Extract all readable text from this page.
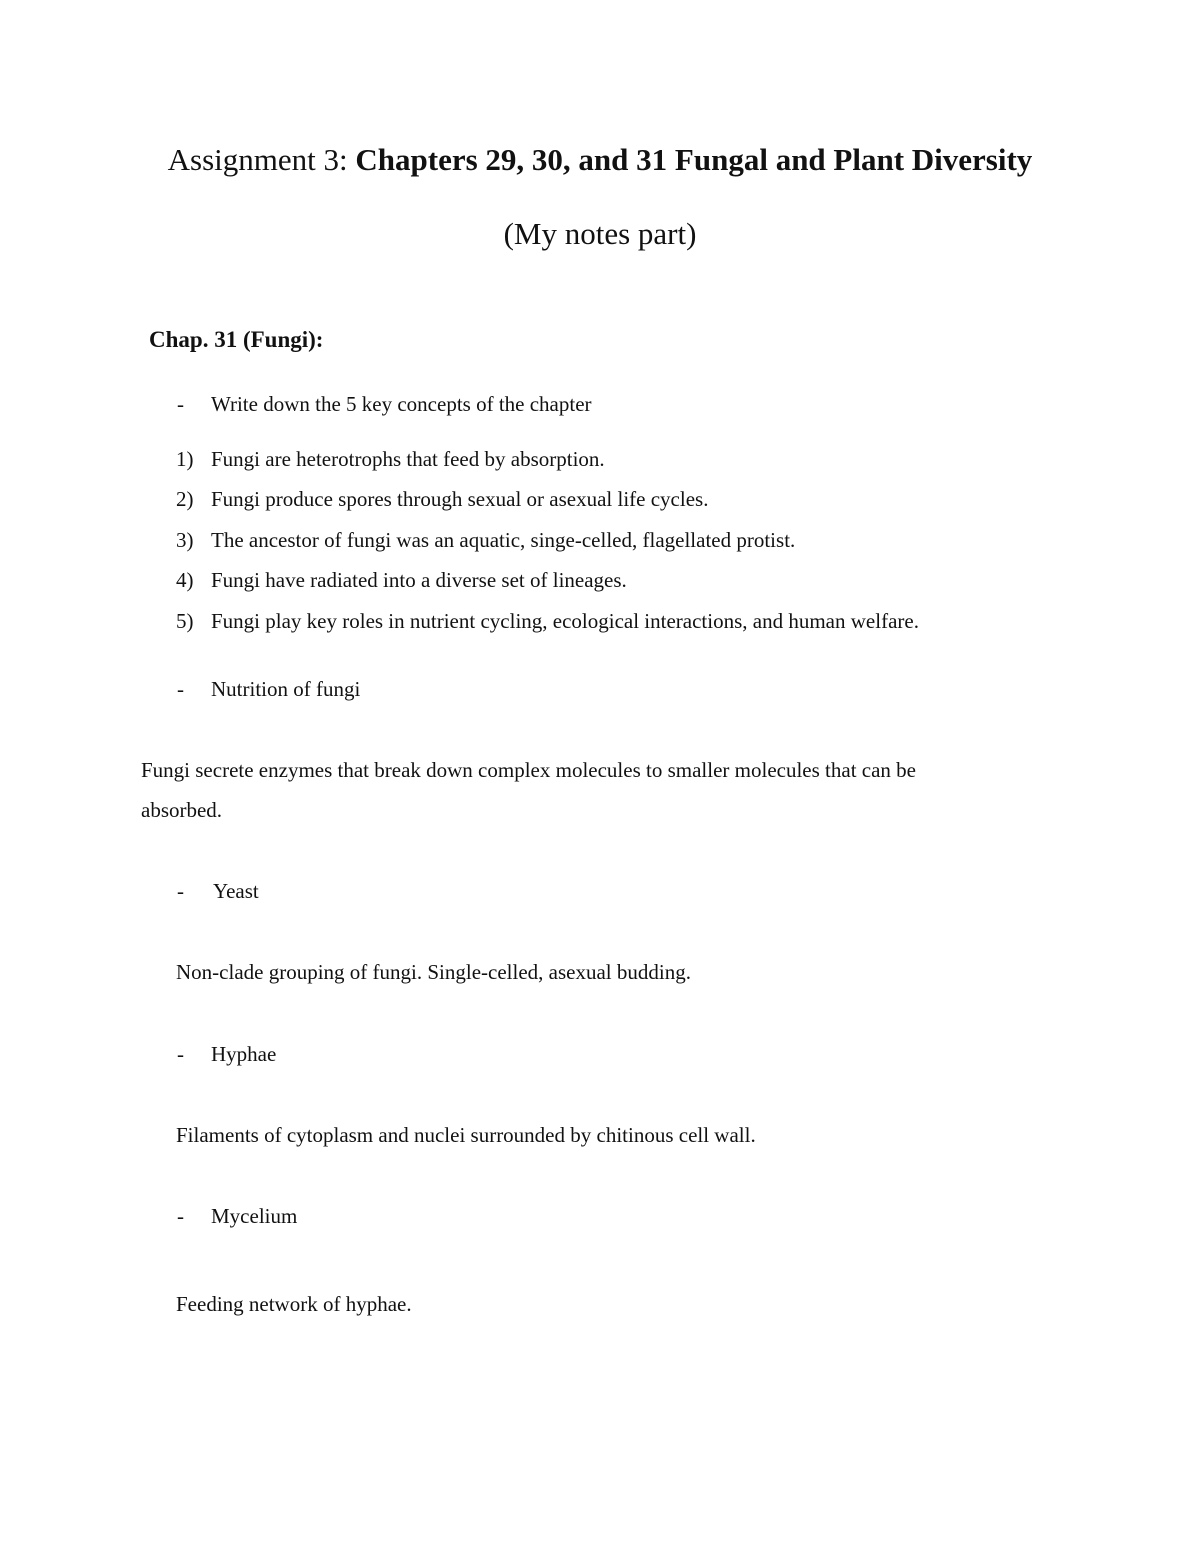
Assignment 3: Chapters 29, 30, and 31 Fungal and Plant Diversity
(My notes part)
Chap. 31 (Fungi):
- Write down the 5 key concepts of the chapter
1) Fungi are heterotrophs that feed by absorption.
2) Fungi produce spores through sexual or asexual life cycles.
3) The ancestor of fungi was an aquatic, singe-celled, flagellated protist.
4) Fungi have radiated into a diverse set of lineages.
5) Fungi play key roles in nutrient cycling, ecological interactions, and human welfare.
- Nutrition of fungi
Fungi secrete enzymes that break down complex molecules to smaller molecules that can be
absorbed.
- Yeast
Non-clade grouping of fungi. Single-celled, asexual budding.
- Hyphae
Filaments of cytoplasm and nuclei surrounded by chitinous cell wall.
- Mycelium
Feeding network of hyphae.
